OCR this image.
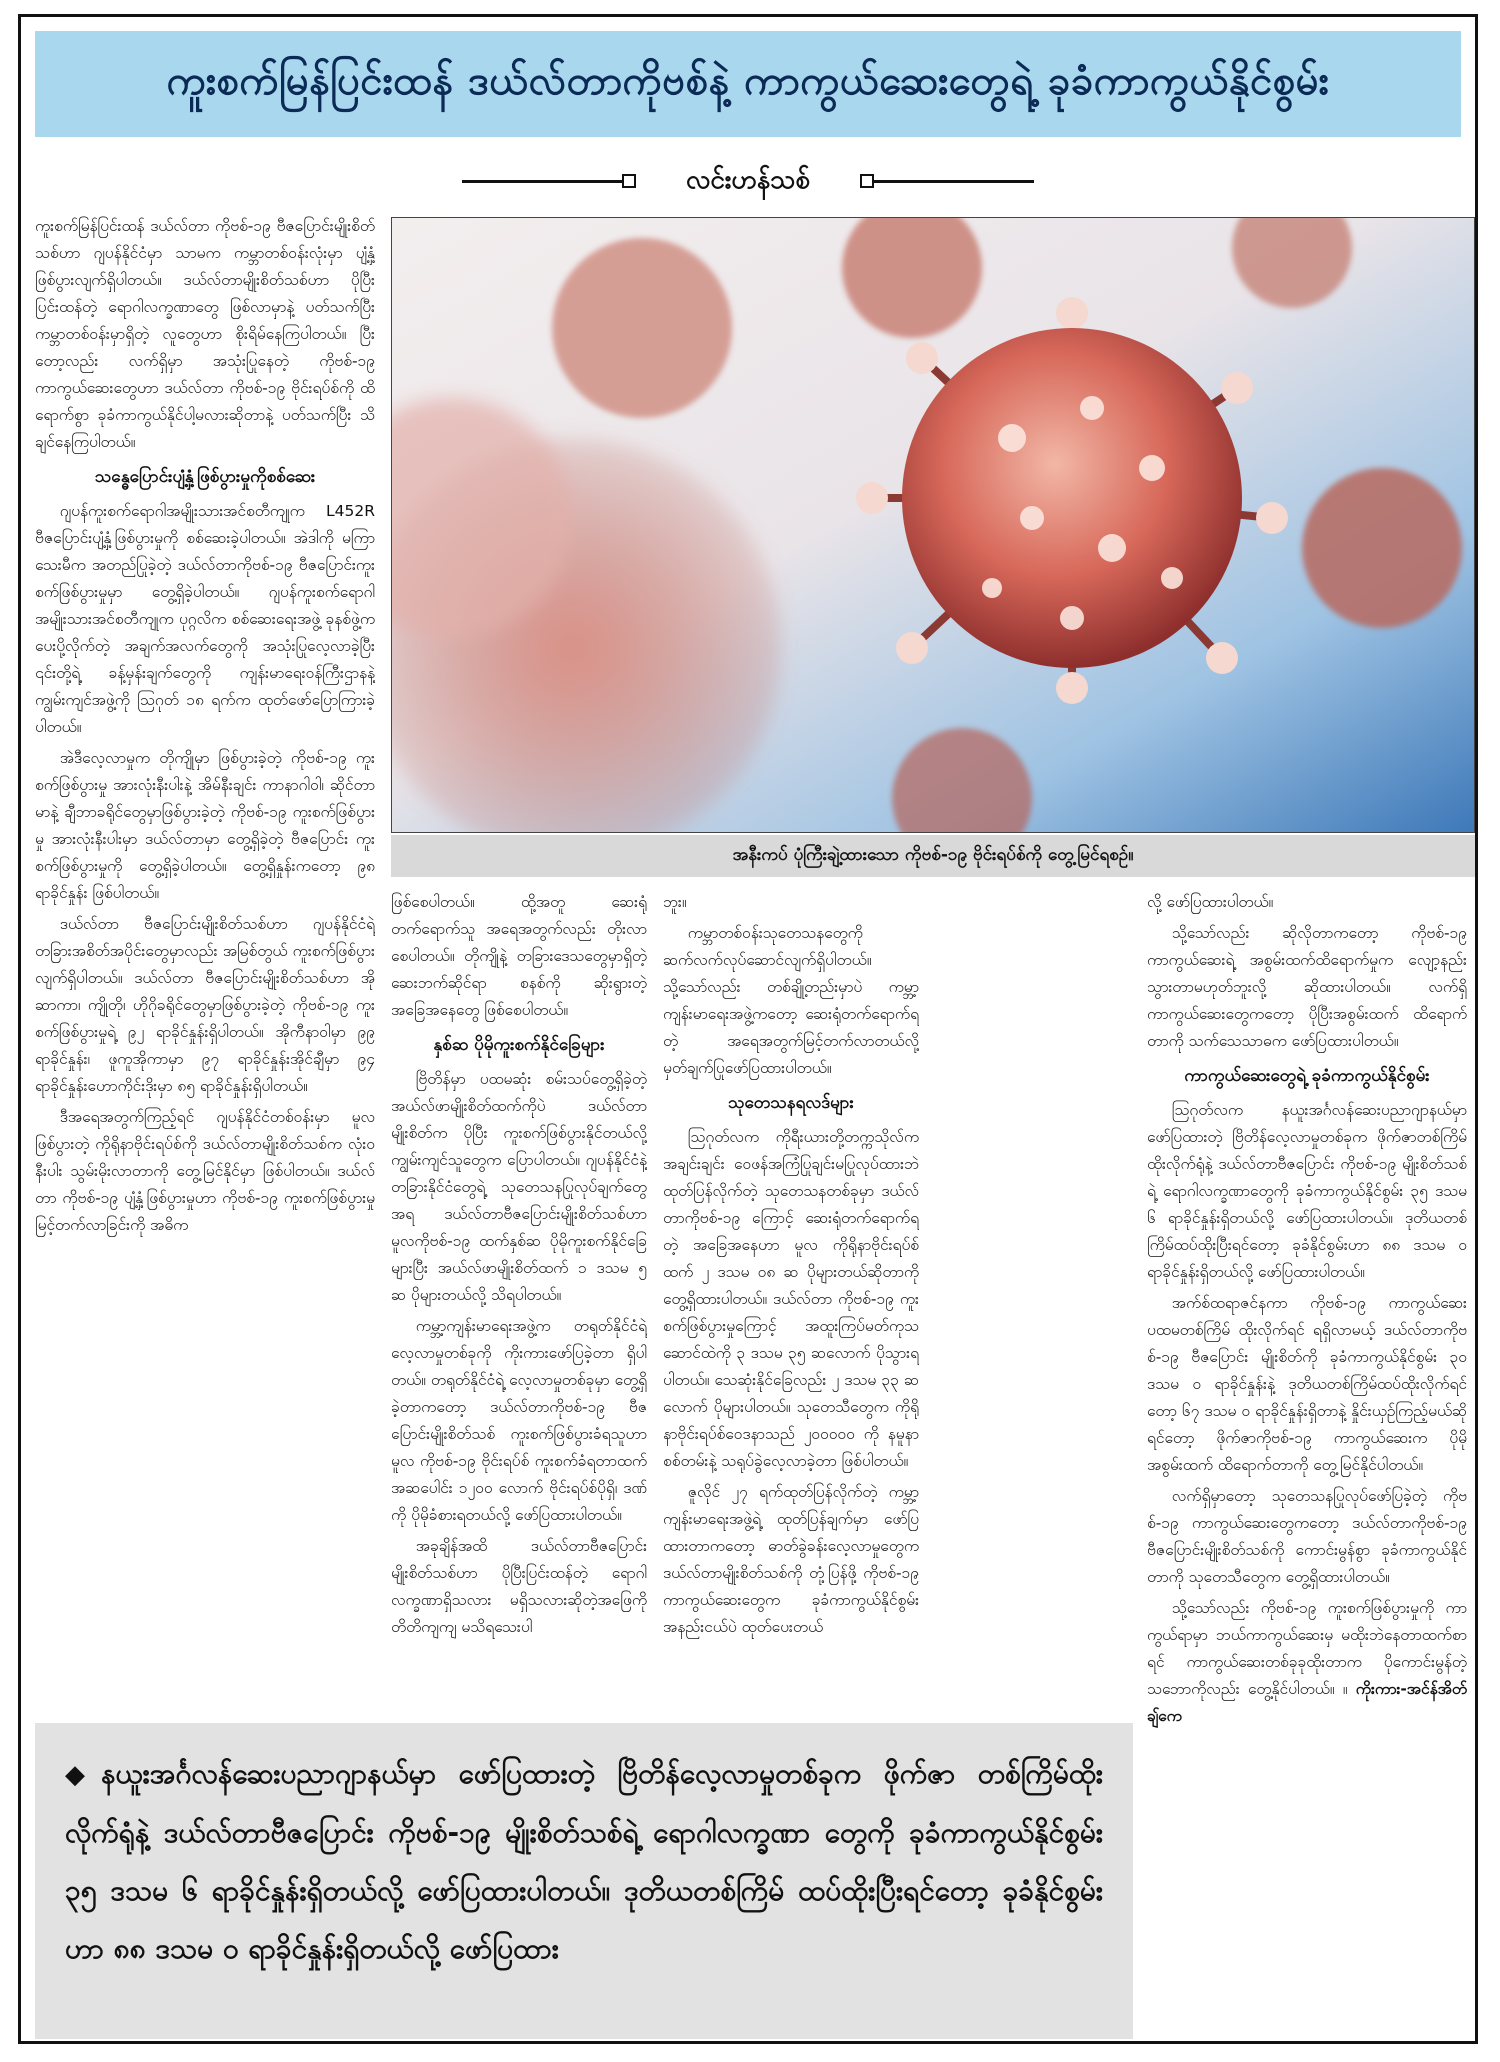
ကူးစက်မြန်ပြင်းထန် ဒယ်လ်တာကိုဗစ်နဲ့ ကာကွယ်ဆေးတွေရဲ့ ခုခံကာကွယ်နိုင်စွမ်း
လင်းဟန်သစ်

ကူးစက်မြန်ပြင်းထန် ဒယ်လ်တာ ကိုဗစ်-၁၉ ဗီဇပြောင်းမျိုးစိတ်သစ်ဟာ ဂျပန်နိုင်ငံမှာ သာမက ကမ္ဘာတစ်ဝန်းလုံးမှာ ပျံ့နှံ့ဖြစ်ပွားလျက်ရှိပါတယ်။ ဒယ်လ်တာမျိုးစိတ်သစ်ဟာ ပိုပြီးပြင်းထန်တဲ့ ရောဂါလက္ခဏာတွေ ဖြစ်လာမှာနဲ့ ပတ်သက်ပြီး ကမ္ဘာတစ်ဝန်းမှာရှိတဲ့ လူတွေဟာ စိုးရိမ်နေကြပါတယ်။ ပြီးတော့လည်း လက်ရှိမှာ အသုံးပြုနေတဲ့ ကိုဗစ်-၁၉ ကာကွယ်ဆေးတွေဟာ ဒယ်လ်တာ ကိုဗစ်-၁၉ ဗိုင်းရပ်စ်ကို ထိရောက်စွာ ခုခံကာကွယ်နိုင်ပါ့မလားဆိုတာနဲ့ ပတ်သက်ပြီး သိချင်နေကြပါတယ်။

သန္ဓေပြောင်းပျံ့နှံ့ဖြစ်ပွားမှုကိုစစ်ဆေး

ဂျပန်ကူးစက်ရောဂါအမျိုးသားအင်စတီကျုက L452R ဗီဇပြောင်းပျံ့နှံ့ဖြစ်ပွားမှုကို စစ်ဆေးခဲ့ပါတယ်။ အဲဒါကို မကြာသေးမီက အတည်ပြုခဲ့တဲ့ ဒယ်လ်တာကိုဗစ်-၁၉ ဗီဇပြောင်းကူးစက်ဖြစ်ပွားမှုမှာ တွေ့ရှိခဲ့ပါတယ်။ ဂျပန်ကူးစက်ရောဂါအမျိုးသားအင်စတီကျုက ပုဂ္ဂလိက စစ်ဆေးရေးအဖွဲ့ ခုနစ်ဖွဲ့က ပေးပို့လိုက်တဲ့ အချက်အလက်တွေကို အသုံးပြုလေ့လာခဲ့ပြီး ၎င်းတို့ရဲ့ ခန့်မှန်းချက်တွေကို ကျန်းမာရေးဝန်ကြီးဌာနနဲ့ ကျွမ်းကျင်အဖွဲ့ကို ဩဂုတ် ၁၈ ရက်က ထုတ်ဖော်ပြောကြားခဲ့ပါတယ်။

အဲဒီလေ့လာမှုက တိုကျိုမှာ ဖြစ်ပွားခဲ့တဲ့ ကိုဗစ်-၁၉ ကူးစက်ဖြစ်ပွားမှု အားလုံးနီးပါးနဲ့ အိမ်နီးချင်း ကာနာဂါဝါ၊ ဆိုင်တာမာနဲ့ ချီဘာခရိုင်တွေမှာဖြစ်ပွားခဲ့တဲ့ ကိုဗစ်-၁၉ ကူးစက်ဖြစ်ပွားမှု အားလုံးနီးပါးမှာ ဒယ်လ်တာမှာ တွေ့ရှိခဲ့တဲ့ ဗီဇပြောင်း ကူးစက်ဖြစ်ပွားမှုကို တွေ့ရှိခဲ့ပါတယ်။ တွေ့ရှိနှုန်းကတော့ ၉၈ ရာခိုင်နှုန်း ဖြစ်ပါတယ်။

ဒယ်လ်တာ ဗီဇပြောင်းမျိုးစိတ်သစ်ဟာ ဂျပန်နိုင်ငံရဲ့ တခြားအစိတ်အပိုင်းတွေမှာလည်း အမြစ်တွယ် ကူးစက်ဖြစ်ပွားလျက်ရှိပါတယ်။ ဒယ်လ်တာ ဗီဇပြောင်းမျိုးစိတ်သစ်ဟာ အိုဆာကာ၊ ကျိုတို၊ ဟိုဂိုခရိုင်တွေမှာဖြစ်ပွားခဲ့တဲ့ ကိုဗစ်-၁၉ ကူးစက်ဖြစ်ပွားမှုရဲ့ ၉၂ ရာခိုင်နှုန်းရှိပါတယ်။ အိုကီနာဝါမှာ ၉၉ ရာခိုင်နှုန်း၊ ဖူကူအိုကာမှာ ၉၇ ရာခိုင်နှုန်းအိုင်ချီမှာ ၉၄ ရာခိုင်နှုန်းဟောကိုင်းဒိုးမှာ ၈၅ ရာခိုင်နှုန်းရှိပါတယ်။

ဒီအရေအတွက်ကြည့်ရင် ဂျပန်နိုင်ငံတစ်ဝန်းမှာ မူလဖြစ်ပွားတဲ့ ကိုရိုနာဗိုင်းရပ်စ်ကို ဒယ်လ်တာမျိုးစိတ်သစ်က လုံးဝနီးပါး သွမ်းမိုးလာတာကို တွေ့မြင်နိုင်မှာ ဖြစ်ပါတယ်။ ဒယ်လ်တာ ကိုဗစ်-၁၉ ပျံ့နှံ့ဖြစ်ပွားမှုဟာ ကိုဗစ်-၁၉ ကူးစက်ဖြစ်ပွားမှု မြင့်တက်လာခြင်းကို အဓိက

အနီးကပ် ပုံကြီးချဲ့ထားသော ကိုဗစ်-၁၉ ဗိုင်းရပ်စ်ကို တွေ့မြင်ရစဉ်။

ဖြစ်စေပါတယ်။ ထို့အတူ ဆေးရုံတက်ရောက်သူ အရေအတွက်လည်း တိုးလာစေပါတယ်။ တိုကျိုနဲ့ တခြားဒေသတွေမှာရှိတဲ့ ဆေးဘက်ဆိုင်ရာ စနစ်ကို ဆိုးရွားတဲ့အခြေအနေတွေ ဖြစ်စေပါတယ်။

နှစ်ဆ ပိုမိုကူးစက်နိုင်ခြေများ

ဗြိတိန်မှာ ပထမဆုံး စမ်းသပ်တွေ့ရှိခဲ့တဲ့ အယ်လ်ဖာမျိုးစိတ်ထက်ကိုပဲ ဒယ်လ်တာမျိုးစိတ်က ပိုပြီး ကူးစက်ဖြစ်ပွားနိုင်တယ်လို့ ကျွမ်းကျင်သူတွေက ပြောပါတယ်။ ဂျပန်နိုင်ငံနဲ့ တခြားနိုင်ငံတွေရဲ့ သုတေသနပြုလုပ်ချက်တွေအရ ဒယ်လ်တာဗီဇပြောင်းမျိုးစိတ်သစ်ဟာ မူလကိုဗစ်-၁၉ ထက်နှစ်ဆ ပိုမိုကူးစက်နိုင်ခြေများပြီး အယ်လ်ဖာမျိုးစိတ်ထက် ၁ ဒသမ ၅ ဆ ပိုများတယ်လို့ သိရပါတယ်။

ကမ္ဘာ့ကျန်းမာရေးအဖွဲ့က တရုတ်နိုင်ငံရဲ့ လေ့လာမှုတစ်ခုကို ကိုးကားဖော်ပြခဲ့တာ ရှိပါတယ်။ တရုတ်နိုင်ငံရဲ့ လေ့လာမှုတစ်ခုမှာ တွေ့ရှိခဲ့တာကတော့ ဒယ်လ်တာကိုဗစ်-၁၉ ဗီဇပြောင်းမျိုးစိတ်သစ် ကူးစက်ဖြစ်ပွားခံရသူဟာ မူလ ကိုဗစ်-၁၉ ဗိုင်းရပ်စ် ကူးစက်ခံရတာထက် အဆပေါင်း ၁၂၀၀ လောက် ဗိုင်းရပ်စ်ပိုရှိ၊ ဒဏ်ကို ပိုမိုခံစားရတယ်လို့ ဖော်ပြထားပါတယ်။

အခုချိန်အထိ ဒယ်လ်တာဗီဇပြောင်းမျိုးစိတ်သစ်ဟာ ပိုပြီးပြင်းထန်တဲ့ ရောဂါလက္ခဏာရှိသလား မရှိသလားဆိုတဲ့အဖြေကို တိတိကျကျ မသိရသေးပါ

ဘူး။

ကမ္ဘာတစ်ဝန်းသုတေသနတွေကို ဆက်လက်လုပ်ဆောင်လျက်ရှိပါတယ်။ သို့သော်လည်း တစ်ချို့တည်းမှာပဲ ကမ္ဘာ့ကျန်းမာရေးအဖွဲ့ကတော့ ဆေးရုံတက်ရောက်ရတဲ့ အရေအတွက်မြင့်တက်လာတယ်လို့ မှတ်ချက်ပြုဖော်ပြထားပါတယ်။

သုတေသနရလဒ်များ

ဩဂုတ်လက ကိုရီးယားတို့တက္ကသိုလ်က အချင်းချင်း ဝေဖန်အကြံပြုချင်းမပြုလုပ်ထားဘဲ ထုတ်ပြန်လိုက်တဲ့ သုတေသနတစ်ခုမှာ ဒယ်လ်တာကိုဗစ်-၁၉ ကြောင့် ဆေးရုံတက်ရောက်ရတဲ့ အခြေအနေဟာ မူလ ကိုရိုနာဗိုင်းရပ်စ်ထက် ၂ ဒသမ ၀၈ ဆ ပိုများတယ်ဆိုတာကို တွေ့ရှိထားပါတယ်။ ဒယ်လ်တာ ကိုဗစ်-၁၉ ကူးစက်ဖြစ်ပွားမှုကြောင့် အထူးကြပ်မတ်ကုသဆောင်ထဲကို ၃ ဒသမ ၃၅ ဆလောက် ပိုသွားရပါတယ်။ သေဆုံးနိုင်ခြေလည်း ၂ ဒသမ ၃၃ ဆလောက် ပိုများပါတယ်။ သုတေသီတွေက ကိုရိုနာဗိုင်းရပ်စ်ဝေဒနာသည် ၂၀၀၀၀၀ ကို နမူနာစစ်တမ်းနဲ့ သရုပ်ခွဲလေ့လာခဲ့တာ ဖြစ်ပါတယ်။

ဇူလိုင် ၂၇ ရက်ထုတ်ပြန်လိုက်တဲ့ ကမ္ဘာ့ကျန်းမာရေးအဖွဲ့ရဲ့ ထုတ်ပြန်ချက်မှာ ဖော်ပြထားတာကတော့ ဓာတ်ခွဲခန်းလေ့လာမှုတွေက ဒယ်လ်တာမျိုးစိတ်သစ်ကို တုံ့ပြန်ဖို့ ကိုဗစ်-၁၉ ကာကွယ်ဆေးတွေက ခုခံကာကွယ်နိုင်စွမ်း အနည်းငယ်ပဲ ထုတ်ပေးတယ်

လို့ ဖော်ပြထားပါတယ်။

သို့သော်လည်း ဆိုလိုတာကတော့ ကိုဗစ်-၁၉ ကာကွယ်ဆေးရဲ့ အစွမ်းထက်ထိရောက်မှုက လျော့နည်းသွားတာမဟုတ်ဘူးလို့ ဆိုထားပါတယ်။ လက်ရှိကာကွယ်ဆေးတွေကတော့ ပိုပြီးအစွမ်းထက် ထိရောက်တာကို သက်သေသာဓက ဖော်ပြထားပါတယ်။

ကာကွယ်ဆေးတွေရဲ့ ခုခံကာကွယ်နိုင်စွမ်း

ဩဂုတ်လက နယူးအင်္ဂလန်ဆေးပညာဂျာနယ်မှာ ဖော်ပြထားတဲ့ ဗြိတိန်လေ့လာမှုတစ်ခုက ဖိုက်ဇာတစ်ကြိမ်ထိုးလိုက်ရုံနဲ့ ဒယ်လ်တာဗီဇပြောင်း ကိုဗစ်-၁၉ မျိုးစိတ်သစ်ရဲ့ ရောဂါလက္ခဏာတွေကို ခုခံကာကွယ်နိုင်စွမ်း ၃၅ ဒသမ ၆ ရာခိုင်နှုန်းရှိတယ်လို့ ဖော်ပြထားပါတယ်။ ဒုတိယတစ်ကြိမ်ထပ်ထိုးပြီးရင်တော့ ခုခံနိုင်စွမ်းဟာ ၈၈ ဒသမ ၀ ရာခိုင်နှုန်းရှိတယ်လို့ ဖော်ပြထားပါတယ်။

အက်စ်ထရာဇင်နကာ ကိုဗစ်-၁၉ ကာကွယ်ဆေး ပထမတစ်ကြိမ် ထိုးလိုက်ရင် ရရှိလာမယ့် ဒယ်လ်တာကိုဗစ်-၁၉ ဗီဇပြောင်း မျိုးစိတ်ကို ခုခံကာကွယ်နိုင်စွမ်း ၃၀ ဒသမ ၀ ရာခိုင်နှုန်းနဲ့ ဒုတိယတစ်ကြိမ်ထပ်ထိုးလိုက်ရင်တော့ ၆၇ ဒသမ ၀ ရာခိုင်နှုန်းရှိတာနဲ့ နှိုင်းယှဉ်ကြည့်မယ်ဆိုရင်တော့ ဖိုက်ဇာကိုဗစ်-၁၉ ကာကွယ်ဆေးက ပိုမိုအစွမ်းထက် ထိရောက်တာကို တွေ့မြင်နိုင်ပါတယ်။

လက်ရှိမှာတော့ သုတေသနပြုလုပ်ဖော်ပြခဲ့တဲ့ ကိုဗစ်-၁၉ ကာကွယ်ဆေးတွေကတော့ ဒယ်လ်တာကိုဗစ်-၁၉ ဗီဇပြောင်းမျိုးစိတ်သစ်ကို ကောင်းမွန်စွာ ခုခံကာကွယ်နိုင်တာကို သုတေသီတွေက တွေ့ရှိထားပါတယ်။

သို့သော်လည်း ကိုဗစ်-၁၉ ကူးစက်ဖြစ်ပွားမှုကို ကာကွယ်ရာမှာ ဘယ်ကာကွယ်ဆေးမှ မထိုးဘဲနေတာထက်စာရင် ကာကွယ်ဆေးတစ်ခုခုထိုးတာက ပိုကောင်းမွန်တဲ့ သဘောကိုလည်း တွေ့နိုင်ပါတယ်။ ။ ကိုးကား-အင်န်အိတ်ချ်ကေ

◆ နယူးအင်္ဂလန်ဆေးပညာဂျာနယ်မှာ ဖော်ပြထားတဲ့ ဗြိတိန်လေ့လာမှုတစ်ခုက ဖိုက်ဇာ တစ်ကြိမ်ထိုးလိုက်ရုံနဲ့ ဒယ်လ်တာဗီဇပြောင်း ကိုဗစ်-၁၉ မျိုးစိတ်သစ်ရဲ့ ရောဂါလက္ခဏာ တွေကို ခုခံကာကွယ်နိုင်စွမ်း ၃၅ ဒသမ ၆ ရာခိုင်နှုန်းရှိတယ်လို့ ဖော်ပြထားပါတယ်။ ဒုတိယတစ်ကြိမ် ထပ်ထိုးပြီးရင်တော့ ခုခံနိုင်စွမ်းဟာ ၈၈ ဒသမ ၀ ရာခိုင်နှုန်းရှိတယ်လို့ ဖော်ပြထား
